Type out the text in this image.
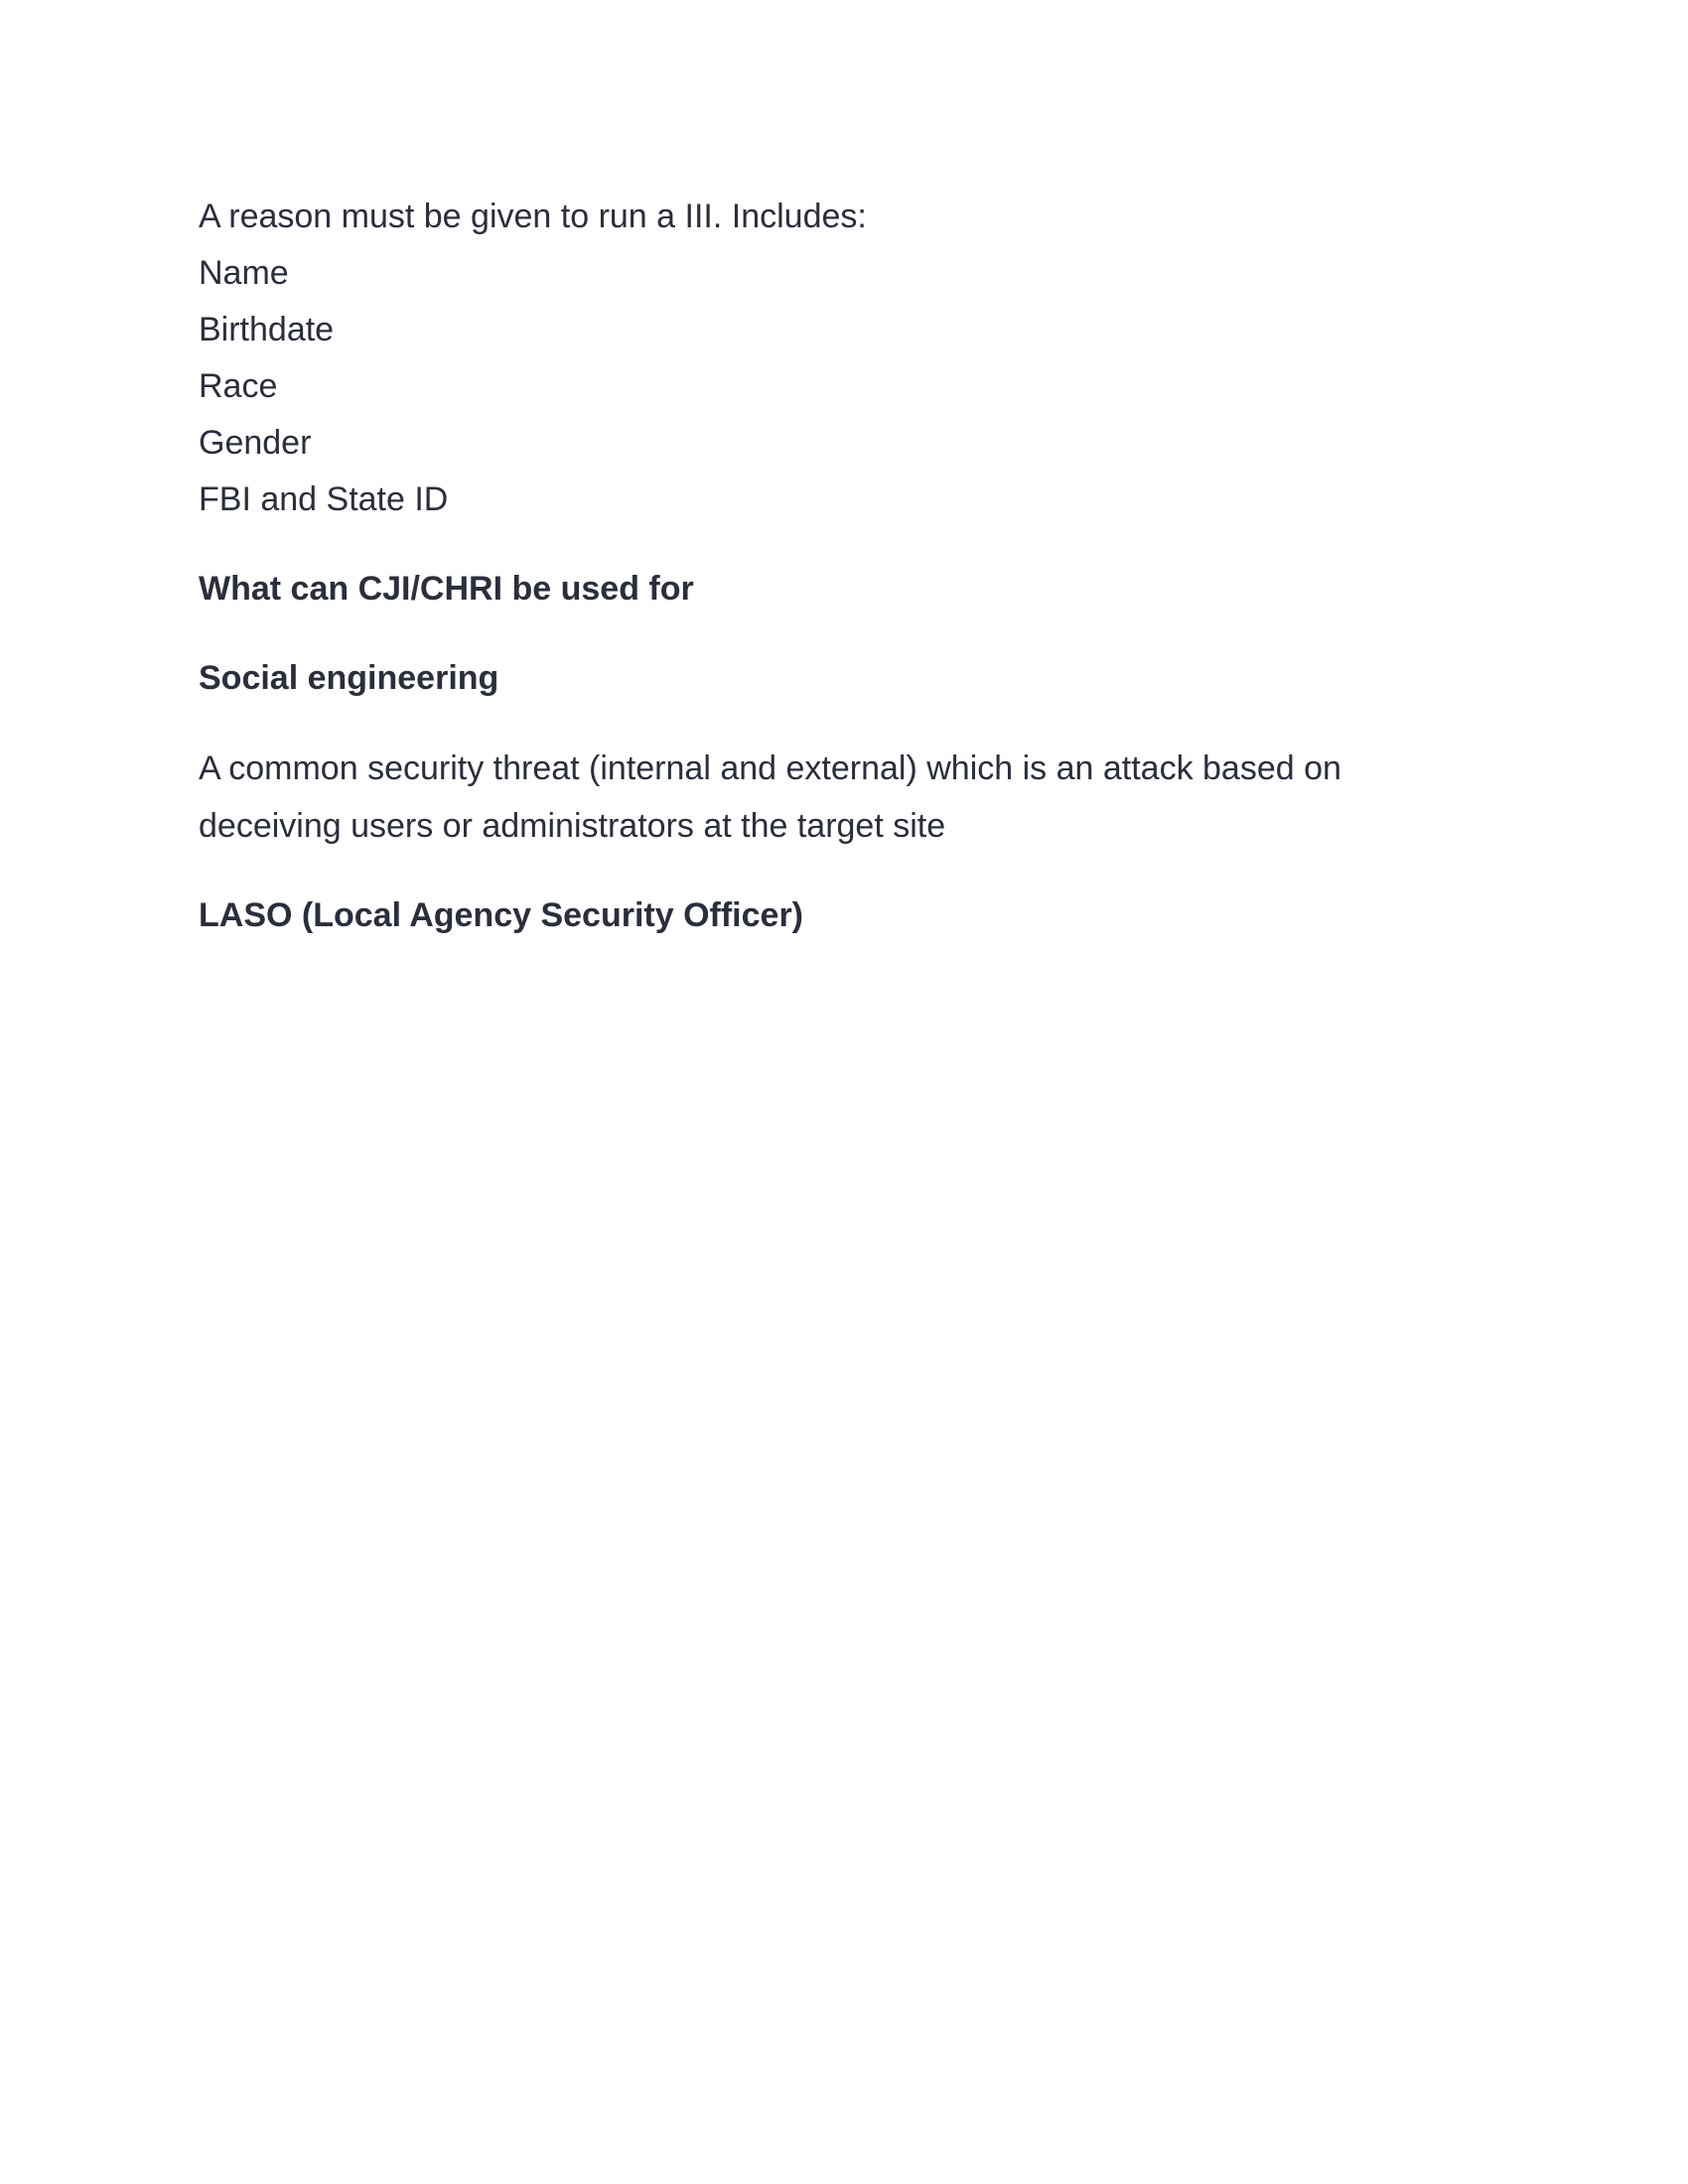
A reason must be given to run a III. Includes:

Name

Birthdate

Race

Gender

FBI and State ID

What can CJI/CHRI be used for

Social engineering

A common security threat (internal and external) which is an attack based on deceiving users or administrators at the target site

LASO (Local Agency Security Officer)
